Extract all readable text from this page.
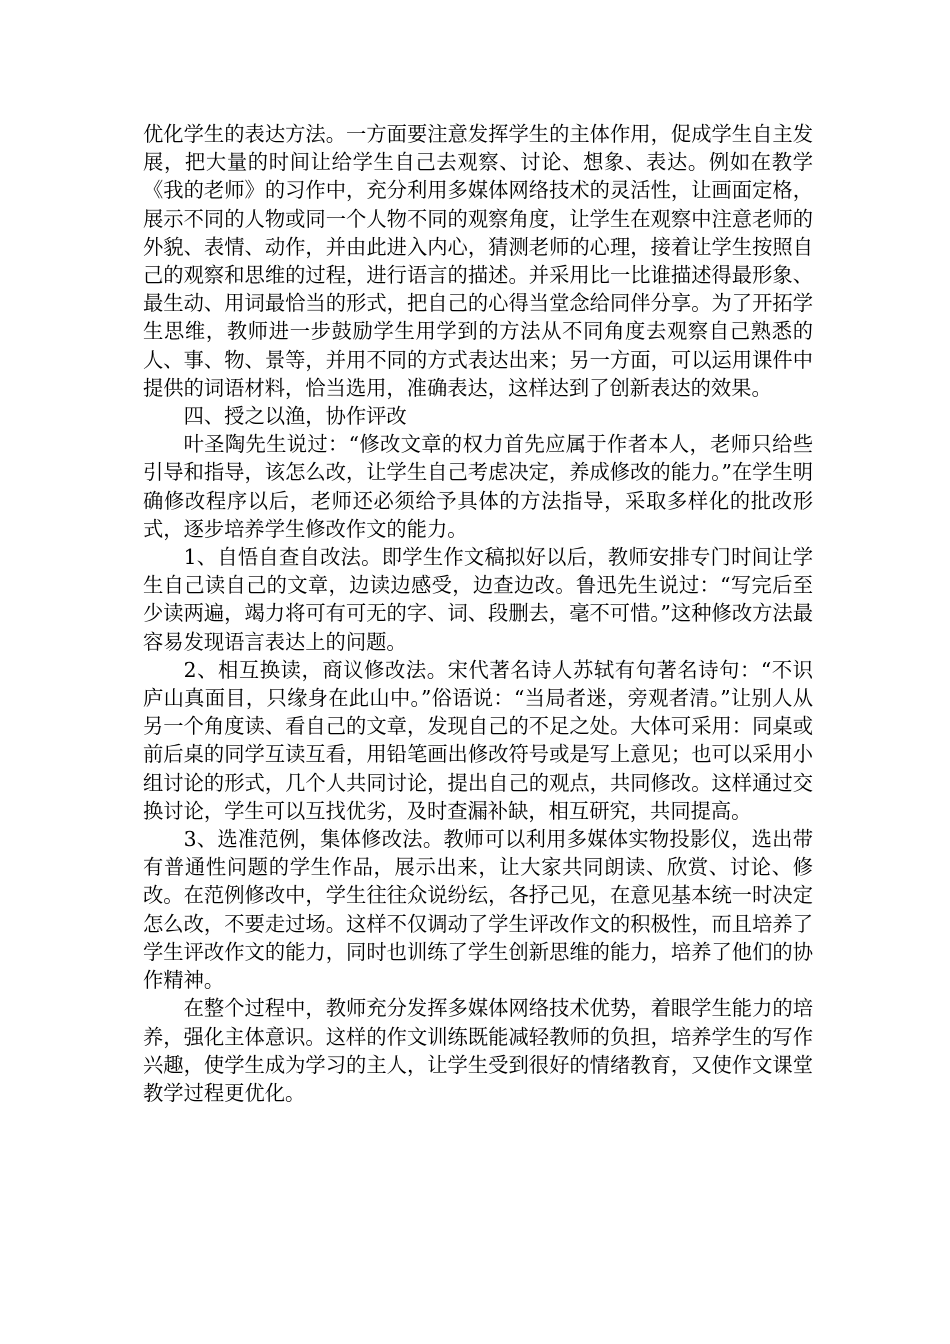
优化学生的表达方法。一方面要注意发挥学生的主体作用，促成学生自主发展，把大量的时间让给学生自己去观察、讨论、想象、表达。例如在教学《我的老师》的习作中，充分利用多媒体网络技术的灵活性，让画面定格，展示不同的人物或同一个人物不同的观察角度，让学生在观察中注意老师的外貌、表情、动作，并由此进入内心，猜测老师的心理，接着让学生按照自己的观察和思维的过程，进行语言的描述。并采用比一比谁描述得最形象、最生动、用词最恰当的形式，把自己的心得当堂念给同伴分享。为了开拓学生思维，教师进一步鼓励学生用学到的方法从不同角度去观察自己熟悉的人、事、物、景等，并用不同的方式表达出来；另一方面，可以运用课件中提供的词语材料，恰当选用，准确表达，这样达到了创新表达的效果。

四、授之以渔，协作评改

叶圣陶先生说过：“修改文章的权力首先应属于作者本人，老师只给些引导和指导，该怎么改，让学生自己考虑决定，养成修改的能力。”在学生明确修改程序以后，老师还必须给予具体的方法指导，采取多样化的批改形式，逐步培养学生修改作文的能力。

1、自悟自查自改法。即学生作文稿拟好以后，教师安排专门时间让学生自己读自己的文章，边读边感受，边查边改。鲁迅先生说过：“写完后至少读两遍，竭力将可有可无的字、词、段删去，毫不可惜。”这种修改方法最容易发现语言表达上的问题。

2、相互换读，商议修改法。宋代著名诗人苏轼有句著名诗句：“不识庐山真面目，只缘身在此山中。”俗语说：“当局者迷，旁观者清。”让别人从另一个角度读、看自己的文章，发现自己的不足之处。大体可采用：同桌或前后桌的同学互读互看，用铅笔画出修改符号或是写上意见；也可以采用小组讨论的形式，几个人共同讨论，提出自己的观点，共同修改。这样通过交换讨论，学生可以互找优劣，及时查漏补缺，相互研究，共同提高。

3、选准范例，集体修改法。教师可以利用多媒体实物投影仪，选出带有普通性问题的学生作品，展示出来，让大家共同朗读、欣赏、讨论、修改。在范例修改中，学生往往众说纷纭，各抒己见，在意见基本统一时决定怎么改，不要走过场。这样不仅调动了学生评改作文的积极性，而且培养了学生评改作文的能力，同时也训练了学生创新思维的能力，培养了他们的协作精神。

在整个过程中，教师充分发挥多媒体网络技术优势，着眼学生能力的培养，强化主体意识。这样的作文训练既能减轻教师的负担，培养学生的写作兴趣，使学生成为学习的主人，让学生受到很好的情绪教育，又使作文课堂教学过程更优化。
